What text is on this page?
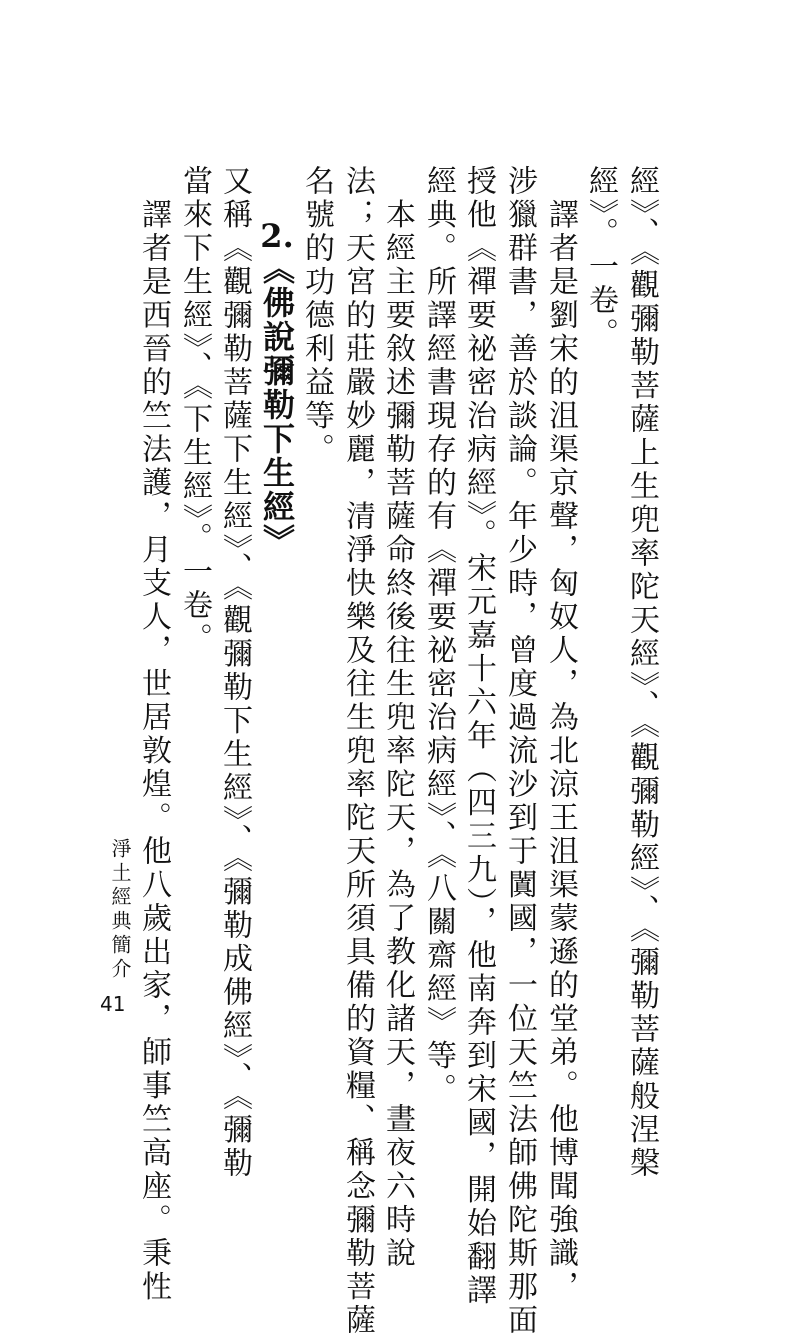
經》、《觀彌勒菩薩上生兜率陀天經》、《觀彌勒經》、《彌勒菩薩般涅槃
經》。一卷。
　譯者是劉宋的沮渠京聲，匈奴人，為北涼王沮渠蒙遜的堂弟。他博聞強識，
涉獵群書，善於談論。年少時，曾度過流沙到于闐國，一位天竺法師佛陀斯那面
授他《禪要祕密治病經》。宋元嘉十六年（四三九），他南奔到宋國，開始翻譯
經典。所譯經書現存的有《禪要祕密治病經》、《八關齋經》等。
　本經主要敘述彌勒菩薩命終後往生兜率陀天，為了教化諸天，晝夜六時說
法；天宮的莊嚴妙麗，清淨快樂及往生兜率陀天所須具備的資糧、稱念彌勒菩薩
名號的功德利益等。
2.《佛說彌勒下生經》
又稱《觀彌勒菩薩下生經》、《觀彌勒下生經》、《彌勒成佛經》、《彌勒
當來下生經》、《下生經》。一卷。
　譯者是西晉的竺法護，月支人，世居敦煌。他八歲出家，師事竺高座。秉性
淨土經典簡介
41
